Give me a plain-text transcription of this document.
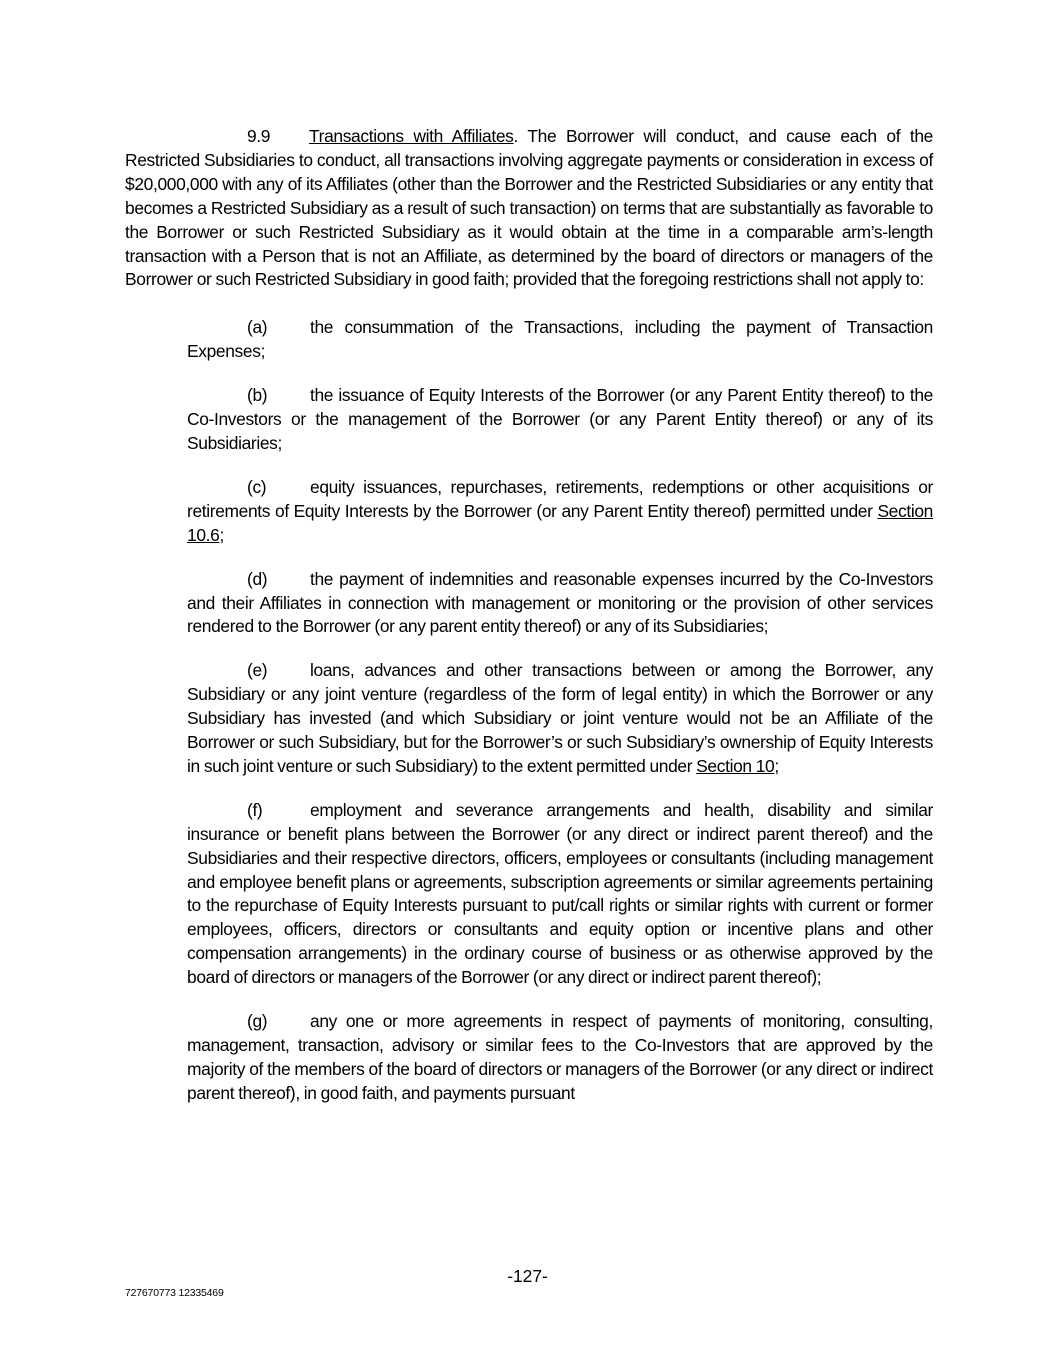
9.9 Transactions with Affiliates. The Borrower will conduct, and cause each of the Restricted Subsidiaries to conduct, all transactions involving aggregate payments or consideration in excess of $20,000,000 with any of its Affiliates (other than the Borrower and the Restricted Subsidiaries or any entity that becomes a Restricted Subsidiary as a result of such transaction) on terms that are substantially as favorable to the Borrower or such Restricted Subsidiary as it would obtain at the time in a comparable arm’s-length transaction with a Person that is not an Affiliate, as determined by the board of directors or managers of the Borrower or such Restricted Subsidiary in good faith; provided that the foregoing restrictions shall not apply to:

(a) the consummation of the Transactions, including the payment of Transaction Expenses;

(b) the issuance of Equity Interests of the Borrower (or any Parent Entity thereof) to the Co-Investors or the management of the Borrower (or any Parent Entity thereof) or any of its Subsidiaries;

(c)	equity issuances, repurchases, retirements, redemptions or other acquisitions or retirements of Equity Interests by the Borrower (or any Parent Entity thereof) permitted under Section 10.6;

(d) the payment of indemnities and reasonable expenses incurred by the Co-Investors and their Affiliates in connection with management or monitoring or the provision of other services rendered to the Borrower (or any parent entity thereof) or any of its Subsidiaries;

(e) loans, advances and other transactions between or among the Borrower, any Subsidiary or any joint venture (regardless of the form of legal entity) in which the Borrower or any Subsidiary has invested (and which Subsidiary or joint venture would not be an Affiliate of the Borrower or such Subsidiary, but for the Borrower’s or such Subsidiary’s ownership of Equity Interests in such joint venture or such Subsidiary) to the extent permitted under Section 10;

(f)	employment and severance arrangements and health, disability and similar insurance or benefit plans between the Borrower (or any direct or indirect parent thereof) and the Subsidiaries and their respective directors, officers, employees or consultants (including management and employee benefit plans or agreements, subscription agreements or similar agreements pertaining to the repurchase of Equity Interests pursuant to put/call rights or similar rights with current or former employees, officers, directors or consultants and equity option or incentive plans and other compensation arrangements) in the ordinary course of business or as otherwise approved by the board of directors or managers of the Borrower (or any direct or indirect parent thereof);

(g) any one or more agreements in respect of payments of monitoring, consulting, management, transaction, advisory or similar fees to the Co-Investors that are approved by the majority of the members of the board of directors or managers of the Borrower (or any direct or indirect parent thereof), in good faith, and payments pursuant

-127-
727670773 12335469
